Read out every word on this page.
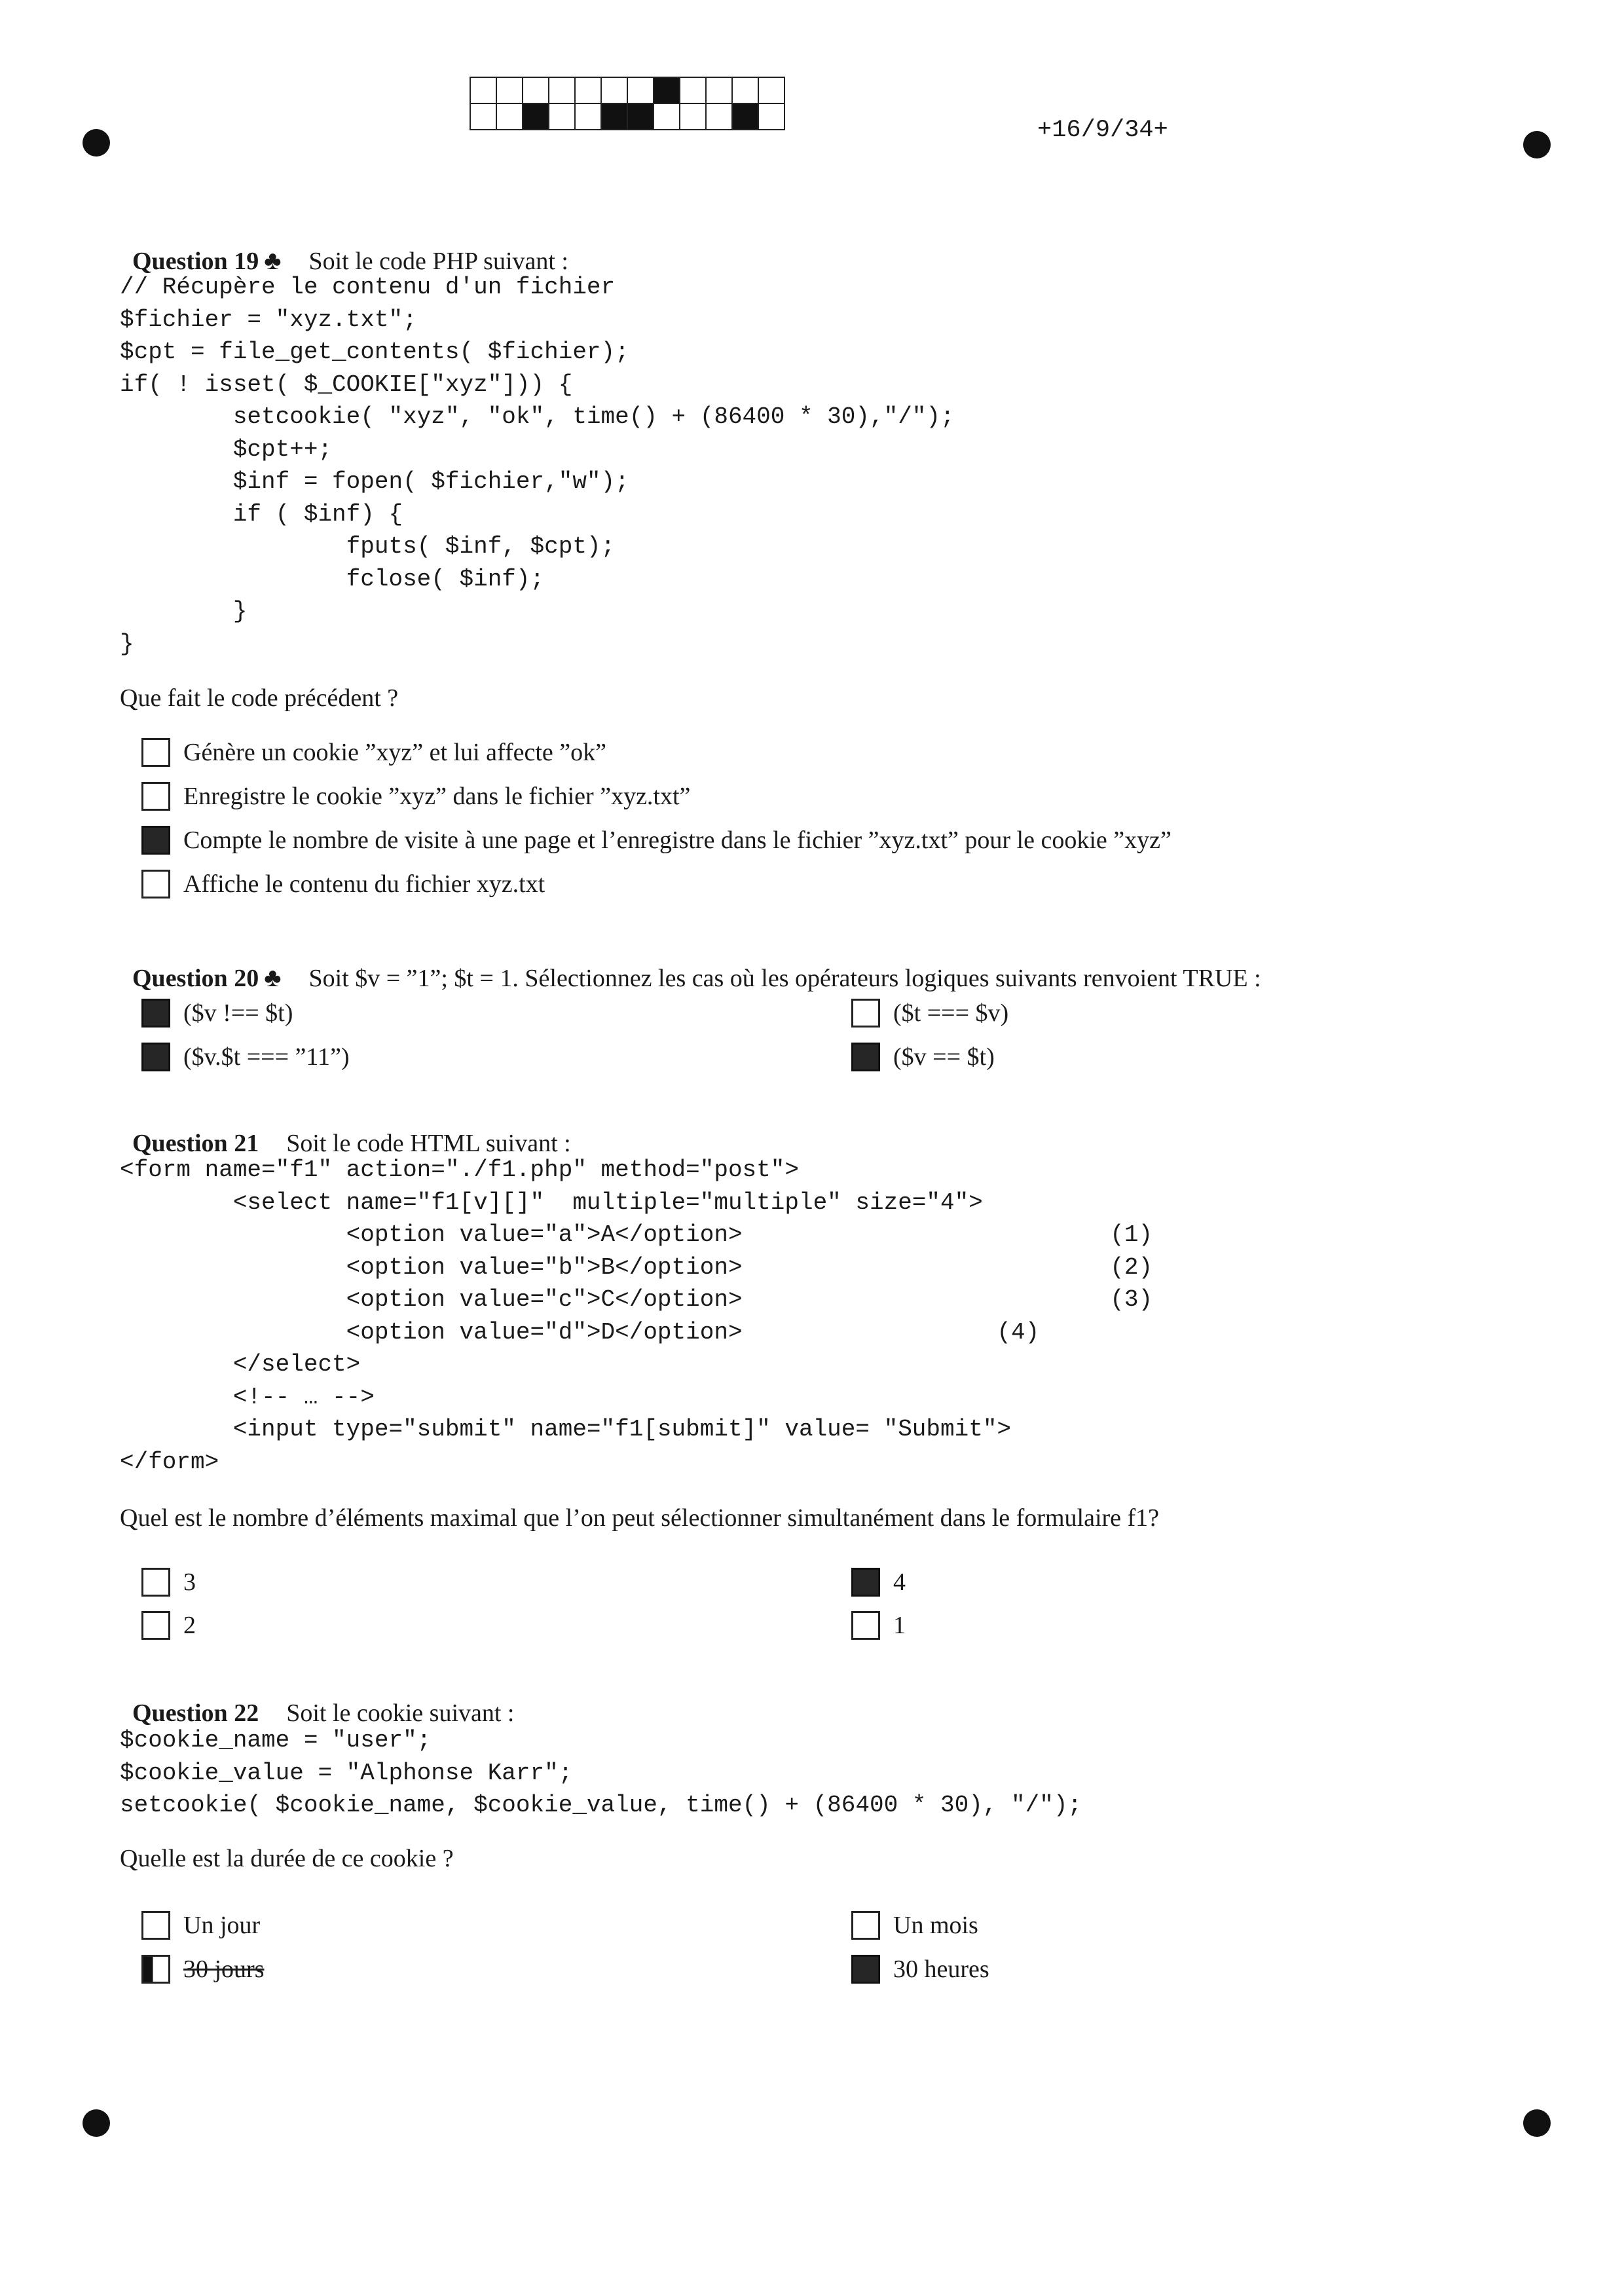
+16/9/34+

Question 19 ♣ Soit le code PHP suivant :

// Récupère le contenu d'un fichier
$fichier = "xyz.txt";
$cpt = file_get_contents( $fichier);
if( ! isset( $_COOKIE["xyz"])) {
setcookie( "xyz", "ok", time() + (86400 * 30),"/");
$cpt++;
$inf = fopen( $fichier,"w");
if ( $inf) {
fputs( $inf, $cpt);
fclose( $inf);
}
}
Que fait le code précédent ?
Génère un cookie ”xyz” et lui affecte ”ok”
Enregistre le cookie ”xyz” dans le fichier ”xyz.txt”
Compte le nombre de visite à une page et l’enregistre dans le fichier ”xyz.txt” pour le cookie ”xyz”
Affiche le contenu du fichier xyz.txt

Question 20 ♣ Soit $v = ”1”; $t = 1. Sélectionnez les cas où les opérateurs logiques suivants renvoient TRUE :

($v !== $t)	($t === $v)
($v.$t === ”11”)	($v == $t)

Question 21 Soit le code HTML suivant :

<form name="f1" action="./f1.php" method="post">
<select name="f1[v][]"  multiple="multiple" size="4">
<option value="a">A</option>                          (1)
<option value="b">B</option>                          (2)
<option value="c">C</option>                          (3)
<option value="d">D</option>                  (4)
</select>
<!-- … -->
<input type="submit" name="f1[submit]" value= "Submit">
</form>
Quel est le nombre d’éléments maximal que l’on peut sélectionner simultanément dans le formulaire f1?
3	4
2	1

Question 22 Soit le cookie suivant :

$cookie_name = "user";
$cookie_value = "Alphonse Karr";
setcookie( $cookie_name, $cookie_value, time() + (86400 * 30), "/");
Quelle est la durée de ce cookie ?
Un jour	Un mois
30 jours	30 heures
